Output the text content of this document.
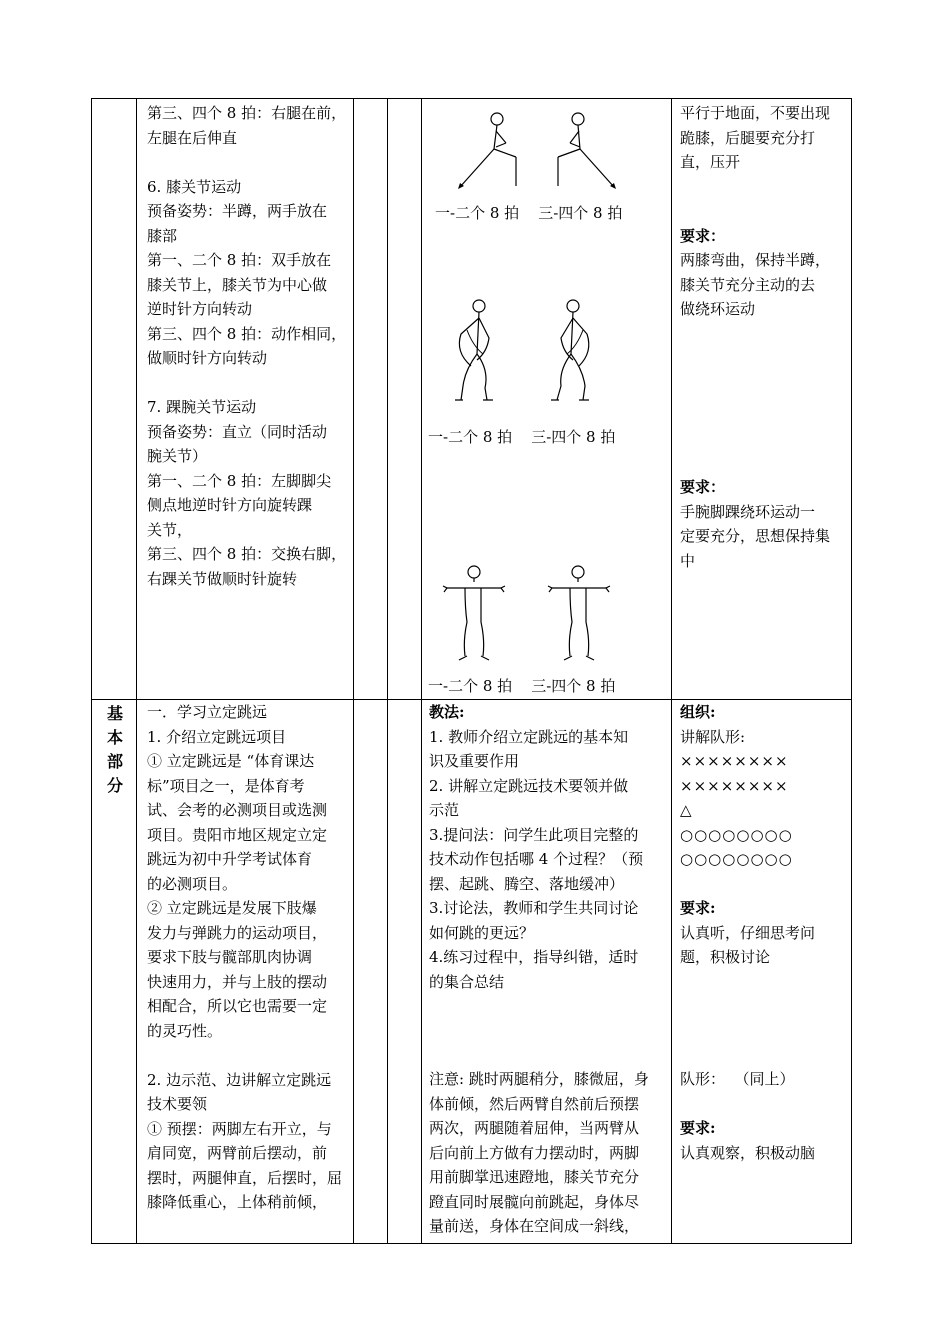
基
本
部
分

第三、四个 8 拍：右腿在前，

左腿在后伸直

6. 膝关节运动

预备姿势：半蹲，两手放在

膝部

第一、二个 8 拍：双手放在

膝关节上，膝关节为中心做

逆时针方向转动

第三、四个 8 拍：动作相同，

做顺时针方向转动

7. 踝腕关节运动

预备姿势：直立（同时活动

腕关节）

第一、二个 8 拍：左脚脚尖

侧点地逆时针方向旋转踝

关节，

第三、四个 8 拍：交换右脚，

右踝关节做顺时针旋转

一-二个 8 拍    三-四个 8 拍
一-二个 8 拍    三-四个 8 拍
一-二个 8 拍    三-四个 8 拍

平行于地面，不要出现

跪膝，后腿要充分打

直，压开

要求：

两膝弯曲，保持半蹲，

膝关节充分主动的去

做绕环运动

要求：

手腕脚踝绕环运动一

定要充分，思想保持集

中

一．学习立定跳远

1. 介绍立定跳远项目

① 立定跳远是 “体育课达

标”项目之一，是体育考

试、会考的必测项目或选测

项目。贵阳市地区规定立定

跳远为初中升学考试体育

的必测项目。

② 立定跳远是发展下肢爆

发力与弹跳力的运动项目，

要求下肢与髋部肌肉协调

快速用力，并与上肢的摆动

相配合，所以它也需要一定

的灵巧性。

2. 边示范、边讲解立定跳远

技术要领

① 预摆：两脚左右开立，与

肩同宽，两臂前后摆动，前

摆时，两腿伸直，后摆时，屈

膝降低重心，上体稍前倾，

教法:

1. 教师介绍立定跳远的基本知

识及重要作用

2. 讲解立定跳远技术要领并做

示范

3.提问法：问学生此项目完整的

技术动作包括哪 4 个过程？（预

摆、起跳、腾空、落地缓冲）

3.讨论法，教师和学生共同讨论

如何跳的更远？

4.练习过程中，指导纠错，适时

的集合总结

注意: 跳时两腿稍分，膝微屈，身

体前倾，然后两臂自然前后预摆

两次，两腿随着屈伸，当两臂从

后向前上方做有力摆动时，两脚

用前脚掌迅速蹬地，膝关节充分

蹬直同时展髋向前跳起，身体尽

量前送，身体在空间成一斜线，

组织:

讲解队形:

××××××××

××××××××

△

○○○○○○○○

○○○○○○○○

要求:

认真听，仔细思考问

题，积极讨论

队形：  （同上）

要求:

认真观察，积极动脑
